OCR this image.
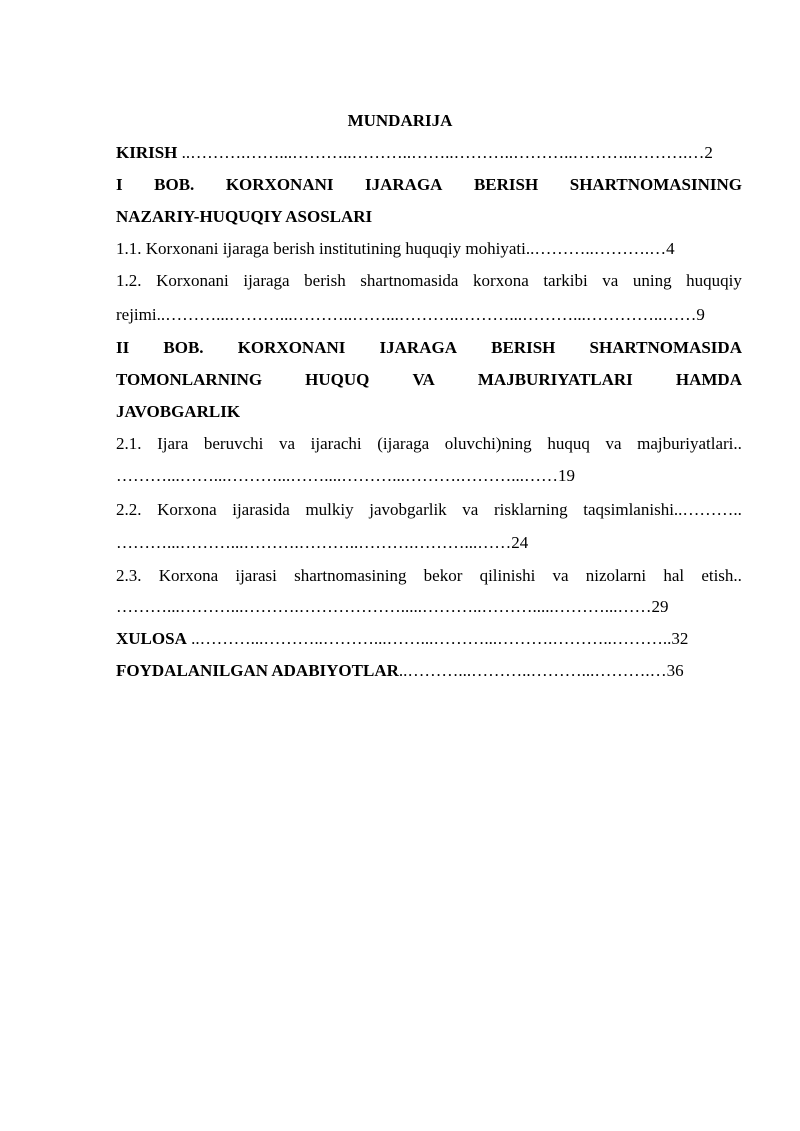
MUNDARIJA

KIRISH ..……….……...………..………..……..………..………..………..……….…2

I BOB. KORXONANI IJARAGA BERISH SHARTNOMASINING

NAZARIY-HUQUQIY ASOSLARI

1.1. Korxonani ijaraga berish institutining huquqiy mohiyati..………..……….…4

1.2. Korxonani ijaraga berish shartnomasida korxona tarkibi va uning huquqiy

rejimi..………...………...………..……...………..………...………...…………..……9

II BOB. KORXONANI IJARAGA BERISH SHARTNOMASIDA

TOMONLARNING	HUQUQ	VA	MAJBURIYATLARI	HAMDA

JAVOBGARLIK

2.1. Ijara beruvchi va ijarachi (ijaraga oluvchi)ning huquq va majburiyatlari..

………...……...………...……....………...……….………...……19

2.2. Korxona ijarasida mulkiy javobgarlik va risklarning taqsimlanishi..………..

………...………...……….………..……….………...……24

2.3. Korxona ijarasi shartnomasining bekor qilinishi va nizolarni hal etish..

………...………...……….……………….....………..……….....………...……29

XULOSA ..………...………..………...……...………...……….………..………..32

FOYDALANILGAN ADABIYOTLAR..………...………..………...……….…36
